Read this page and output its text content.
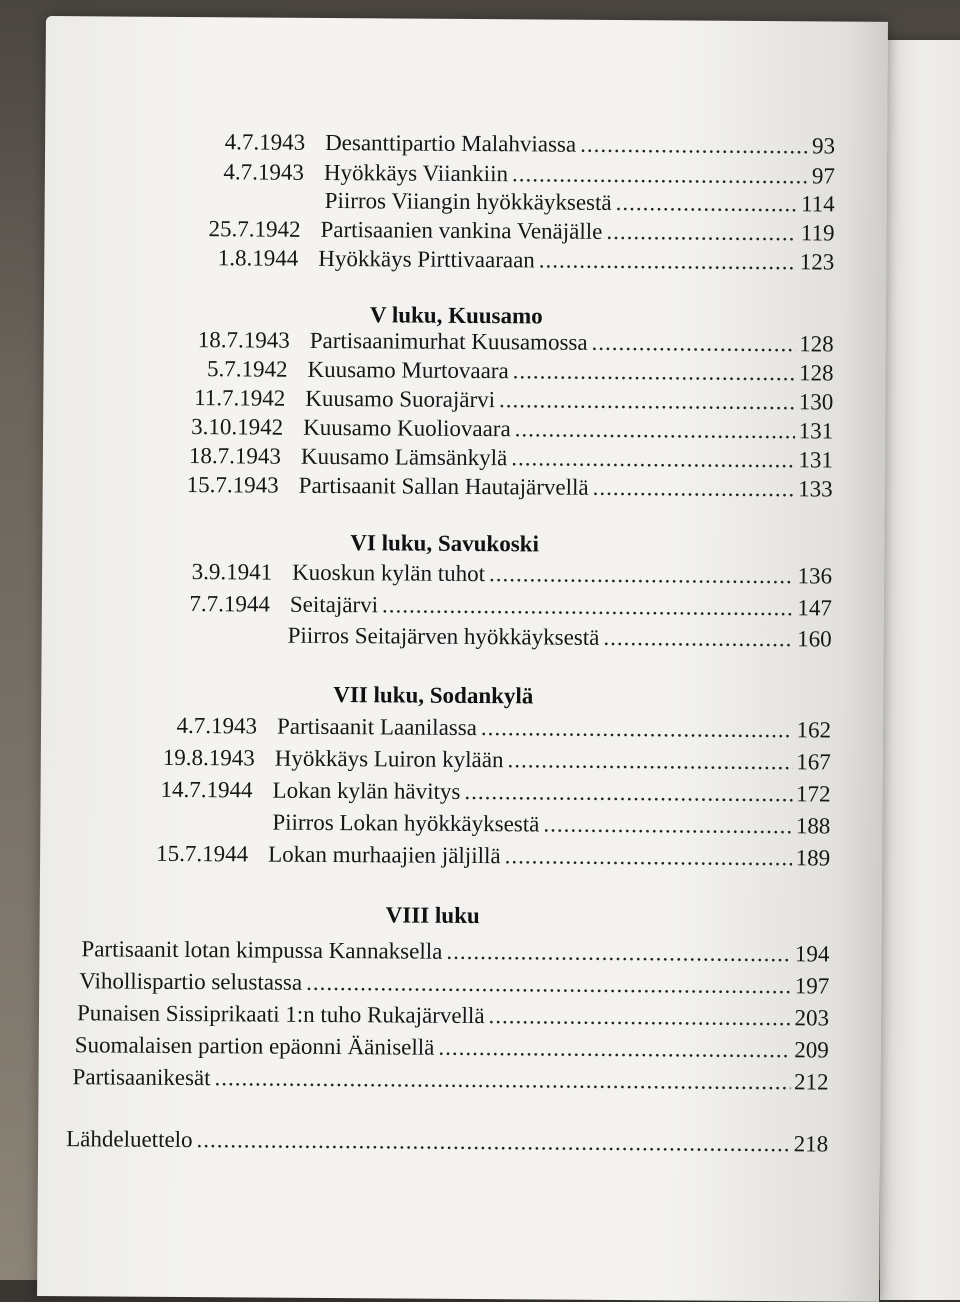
4.7.1943 Desanttipartio Malahviassa .....	93
4.7.1943 Hyökkäys Viiankiin .....	97
Piirros Viiangin hyökkäyksestä .....	114
25.7.1942 Partisaanien vankina Venäjälle .....	119
1.8.1944 Hyökkäys Pirttivaaraan .....	123
V luku, Kuusamo
18.7.1943 Partisaanimurhat Kuusamossa .....	128
5.7.1942 Kuusamo Murtovaara .....	128
11.7.1942 Kuusamo Suorajärvi .....	130
3.10.1942 Kuusamo Kuoliovaara .....	131
18.7.1943 Kuusamo Lämsänkylä .....	131
15.7.1943 Partisaanit Sallan Hautajärvellä .....	133
VI luku, Savukoski
3.9.1941 Kuoskun kylän tuhot .....	136
7.7.1944 Seitajärvi .....	147
Piirros Seitajärven hyökkäyksestä .....	160
VII luku, Sodankylä
4.7.1943 Partisaanit Laanilassa .....	162
19.8.1943 Hyökkäys Luiron kylään .....	167
14.7.1944 Lokan kylän hävitys .....	172
Piirros Lokan hyökkäyksestä .....	188
15.7.1944 Lokan murhaajien jäljillä .....	189
VIII luku
Partisaanit lotan kimpussa Kannaksella .....	194
Vihollispartio selustassa .....	197
Punaisen Sissiprikaati 1:n tuho Rukajärvellä .....	203
Suomalaisen partion epäonni Äänisellä .....	209
Partisaanikesät .....	212
Lähdeluettelo .....	218
